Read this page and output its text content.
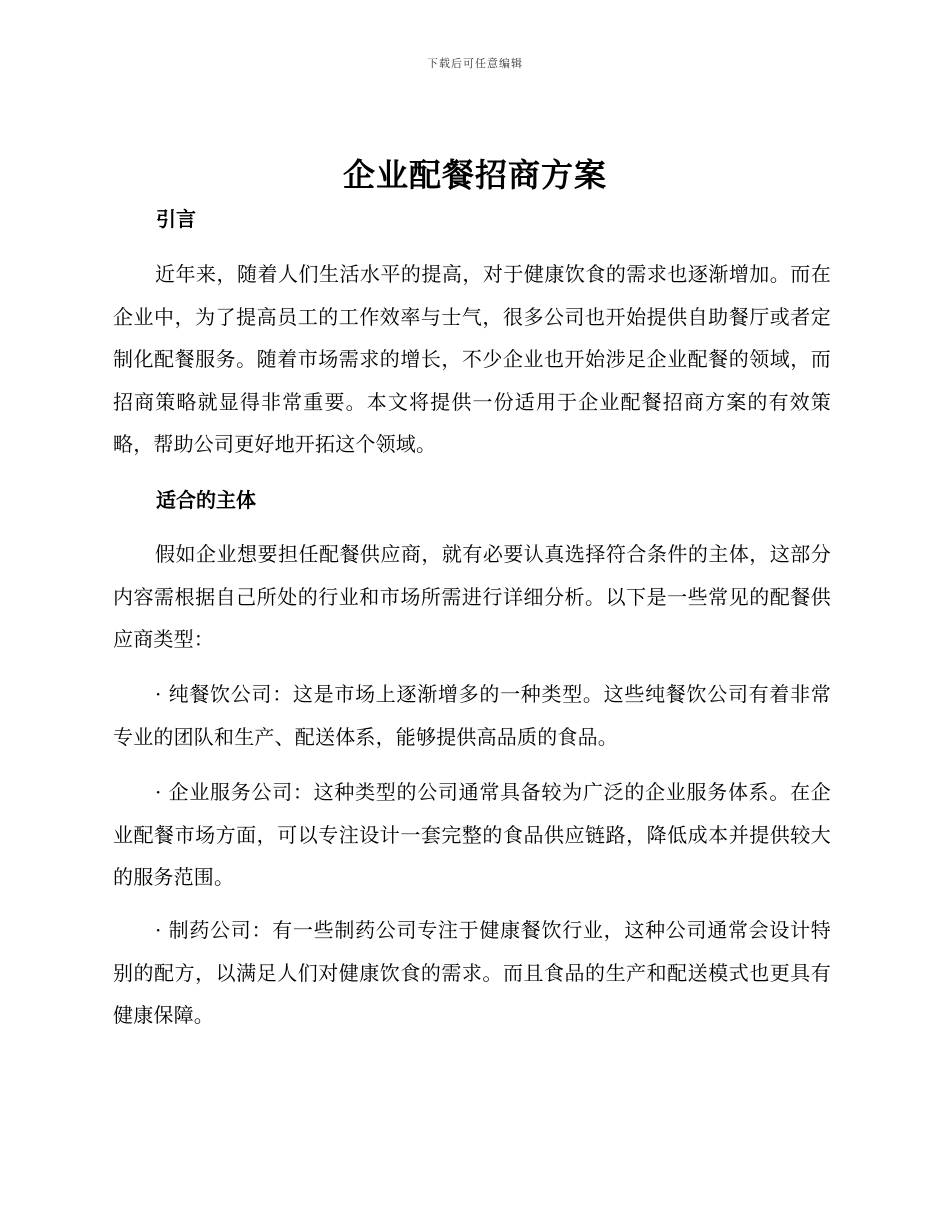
下载后可任意编辑
企业配餐招商方案
引言

近年来，随着人们生活水平的提高，对于健康饮食的需求也逐渐增加。而在企业中，为了提高员工的工作效率与士气，很多公司也开始提供自助餐厅或者定制化配餐服务。随着市场需求的增长，不少企业也开始涉足企业配餐的领域，而招商策略就显得非常重要。本文将提供一份适用于企业配餐招商方案的有效策略，帮助公司更好地开拓这个领域。

适合的主体

假如企业想要担任配餐供应商，就有必要认真选择符合条件的主体，这部分内容需根据自己所处的行业和市场所需进行详细分析。以下是一些常见的配餐供应商类型：

· 纯餐饮公司：这是市场上逐渐增多的一种类型。这些纯餐饮公司有着非常专业的团队和生产、配送体系，能够提供高品质的食品。

· 企业服务公司：这种类型的公司通常具备较为广泛的企业服务体系。在企业配餐市场方面，可以专注设计一套完整的食品供应链路，降低成本并提供较大的服务范围。

· 制药公司：有一些制药公司专注于健康餐饮行业，这种公司通常会设计特别的配方，以满足人们对健康饮食的需求。而且食品的生产和配送模式也更具有健康保障。
